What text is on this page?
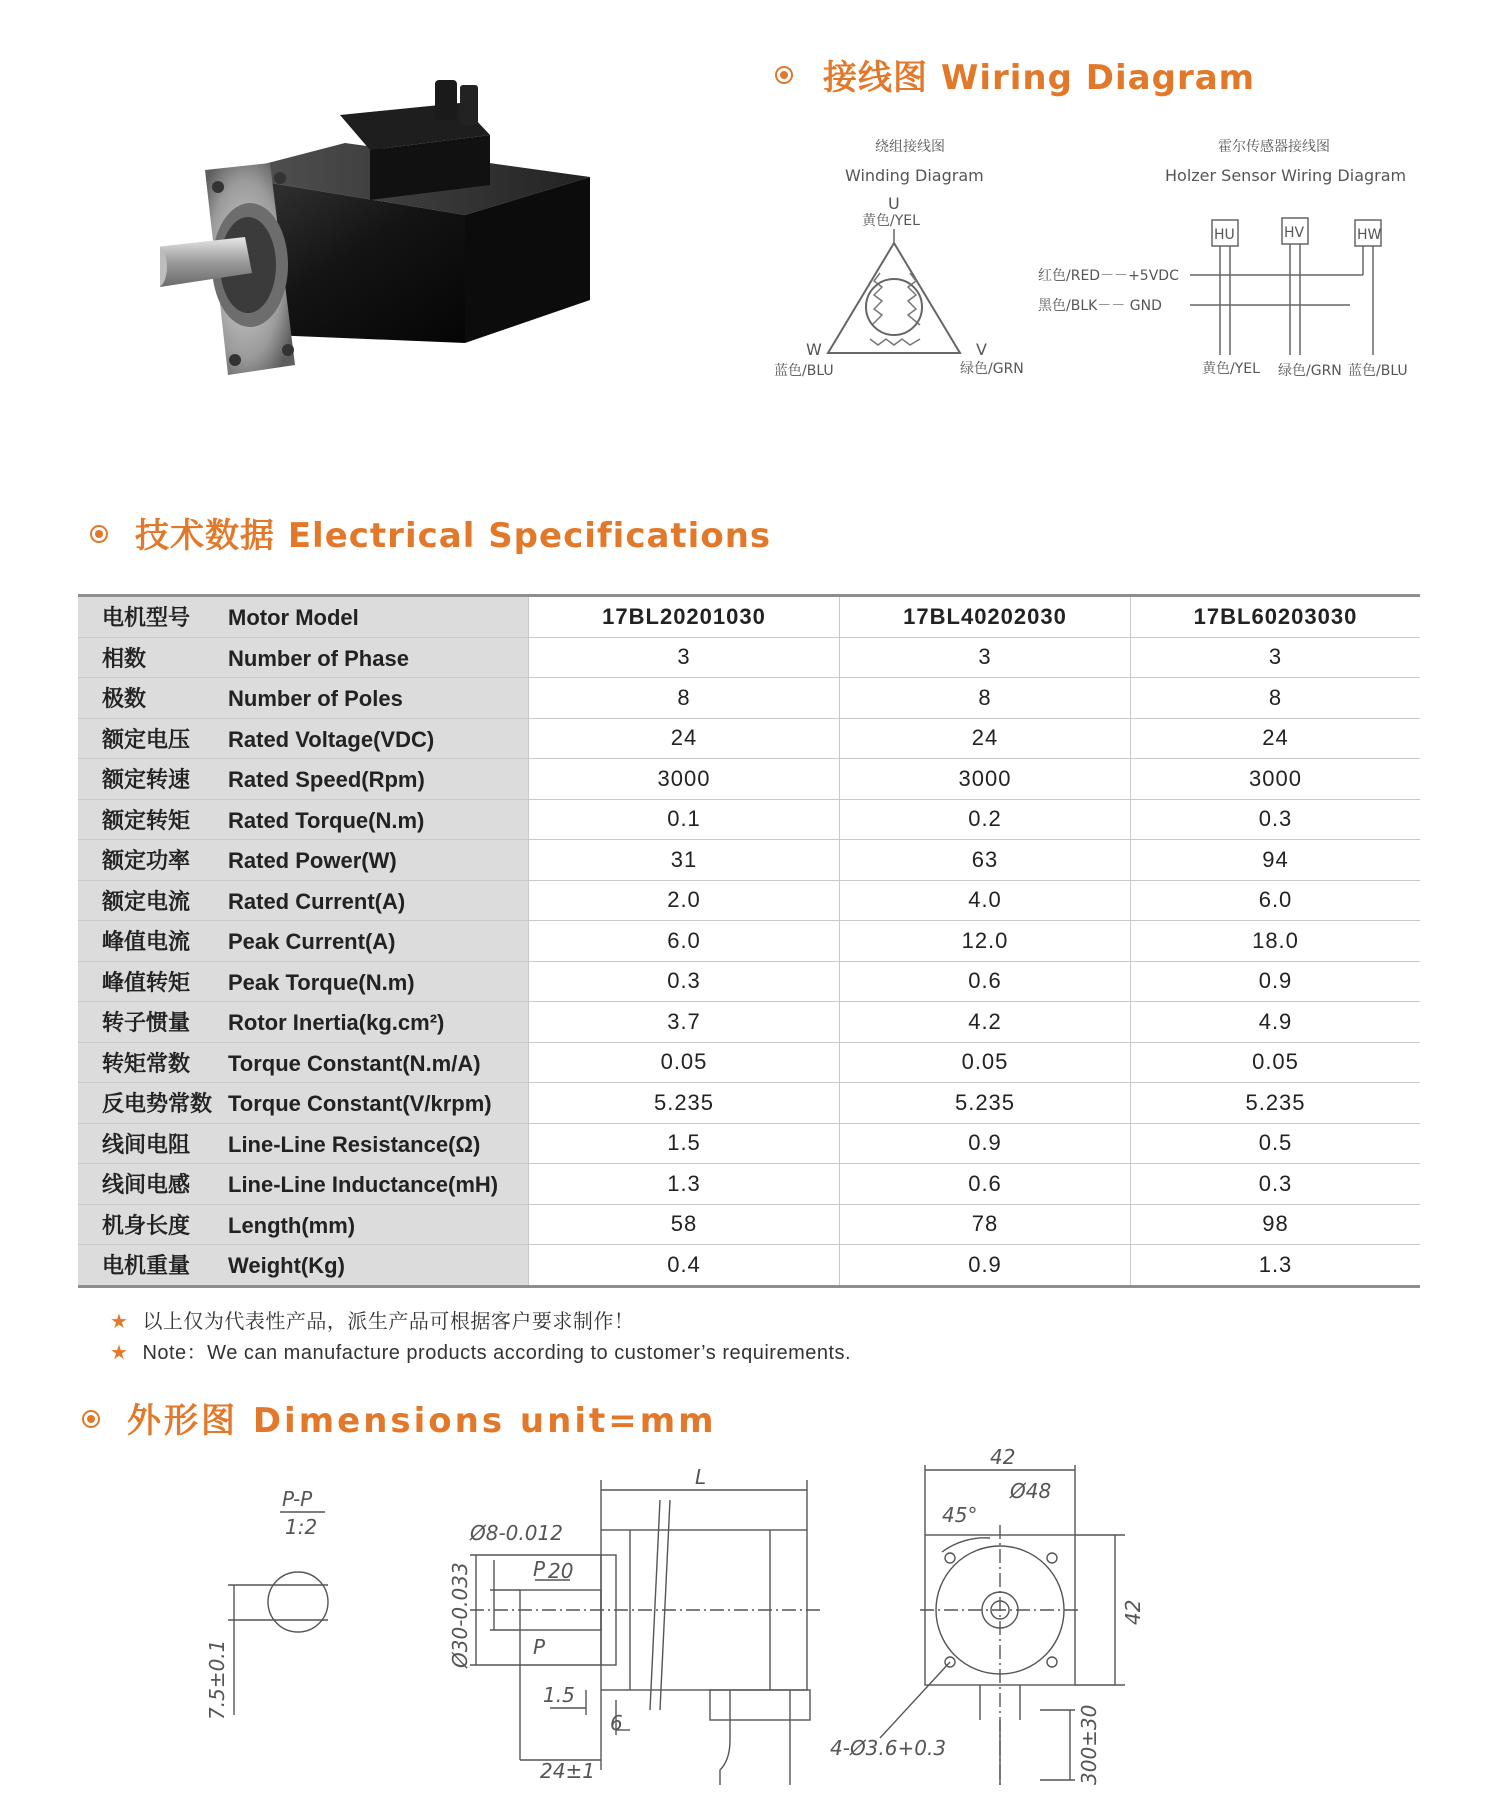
接线图 Wiring Diagram
绕组接线图
Winding Diagram
U
黄色/YEL
W	V
蓝色/BLU	绿色/GRN
霍尔传感器接线图
Holzer Sensor Wiring Diagram
HU	HV	HW
红色/RED－－+5VDC
黑色/BLK－－ GND
黄色/YEL 绿色/GRN 蓝色/BLU
技术数据 Electrical Specifications
电机型号 Motor Model	17BL20201030	17BL40202030	17BL60203030
相数 Number of Phase	3	3	3
极数 Number of Poles	8	8	8
额定电压 Rated Voltage(VDC)	24	24	24
额定转速 Rated Speed(Rpm)	3000	3000	3000
额定转矩 Rated Torque(N.m)	0.1	0.2	0.3
额定功率 Rated Power(W)	31	63	94
额定电流 Rated Current(A)	2.0	4.0	6.0
峰值电流 Peak Current(A)	6.0	12.0	18.0
峰值转矩 Peak Torque(N.m)	0.3	0.6	0.9
转子惯量 Rotor Inertia(kg.cm²)	3.7	4.2	4.9
转矩常数 Torque Constant(N.m/A)	0.05	0.05	0.05
反电势常数 Torque Constant(V/krpm)	5.235	5.235	5.235
线间电阻 Line-Line Resistance(Ω)	1.5	0.9	0.5
线间电感 Line-Line Inductance(mH)	1.3	0.6	0.3
机身长度 Length(mm)	58	78	98
电机重量 Weight(Kg)	0.4	0.9	1.3
★ 以上仅为代表性产品，派生产品可根据客户要求制作！
★ Note：We can manufacture products according to customer’s requirements.
外形图 Dimensions unit=mm
P-P
1:2
7.5±0.1
L
Ø8-0.012
Ø30-0.033	P 20
P
1.5
6
24±1
42
42
45°
Ø48
4-Ø3.6+0.3	300±30
